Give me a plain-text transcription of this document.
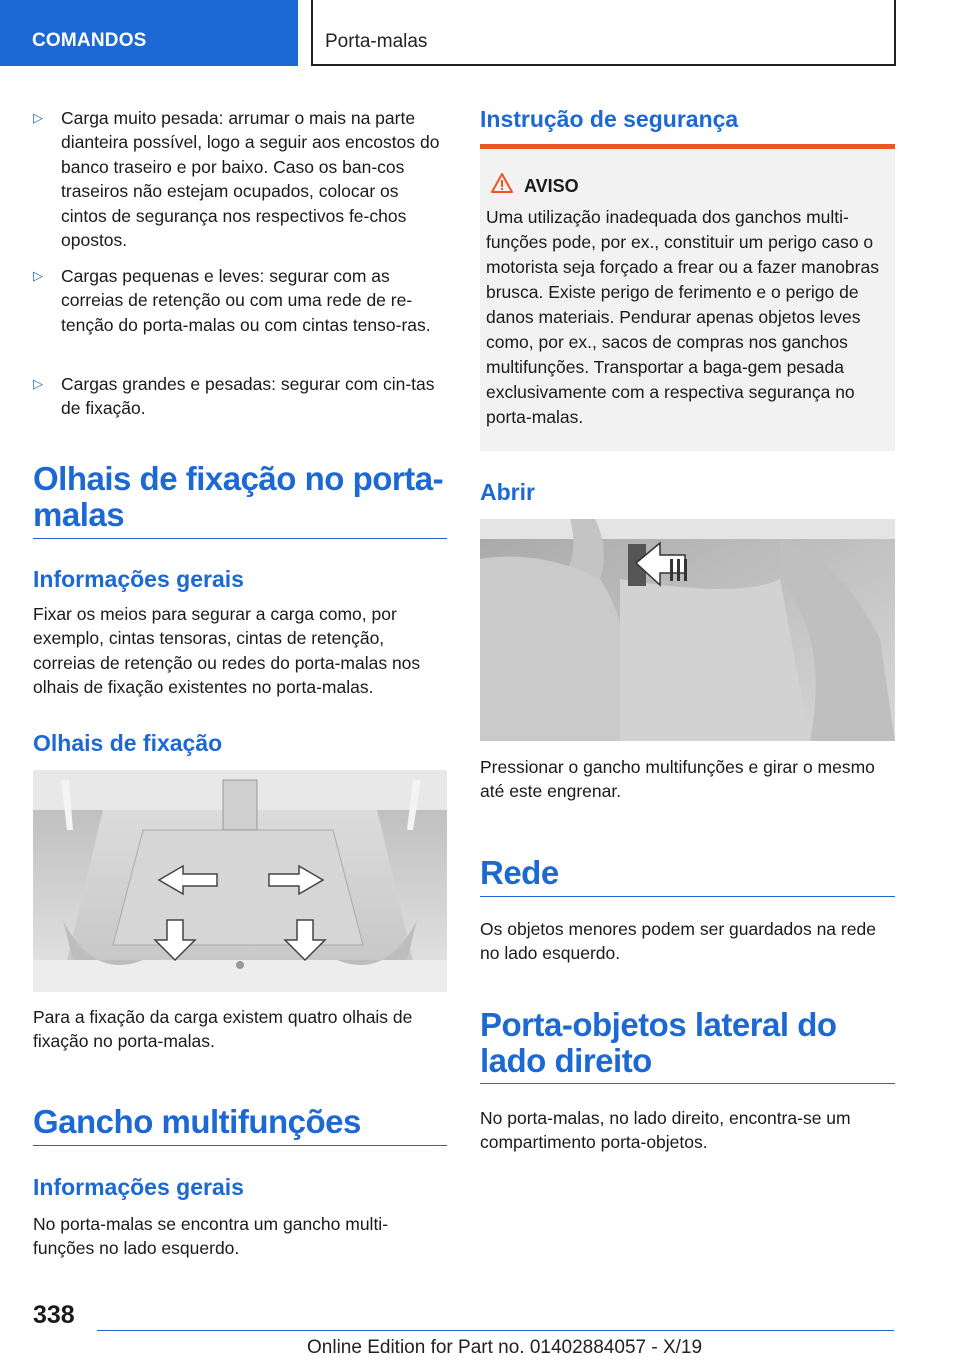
COMANDOS	Porta-malas
▷ Carga muito pesada: arrumar o mais na parte dianteira possível, logo a seguir aos encostos do banco traseiro e por baixo. Caso os ban-cos traseiros não estejam ocupados, colocar os cintos de segurança nos respectivos fe-chos opostos.
▷ Cargas pequenas e leves: segurar com as correias de retenção ou com uma rede de re-tenção do porta-malas ou com cintas tenso-ras.
▷ Cargas grandes e pesadas: segurar com cin-tas de fixação.
Olhais de fixação no porta-malas
Informações gerais
Fixar os meios para segurar a carga como, por exemplo, cintas tensoras, cintas de retenção, correias de retenção ou redes do porta-malas nos olhais de fixação existentes no porta-malas.
Olhais de fixação
Para a fixação da carga existem quatro olhais de fixação no porta-malas.
Gancho multifunções
Informações gerais
No porta-malas se encontra um gancho multi-funções no lado esquerdo.
Instrução de segurança
AVISO
Uma utilização inadequada dos ganchos multi-funções pode, por ex., constituir um perigo caso o motorista seja forçado a frear ou a fazer manobras brusca. Existe perigo de ferimento e o perigo de danos materiais. Pendurar apenas objetos leves como, por ex., sacos de compras nos ganchos multifunções. Transportar a baga-gem pesada exclusivamente com a respectiva segurança no porta-malas.
Abrir
Pressionar o gancho multifunções e girar o mesmo até este engrenar.
Rede
Os objetos menores podem ser guardados na rede no lado esquerdo.
Porta-objetos lateral do lado direito
No porta-malas, no lado direito, encontra-se um compartimento porta-objetos.
338
Online Edition for Part no. 01402884057 - X/19
